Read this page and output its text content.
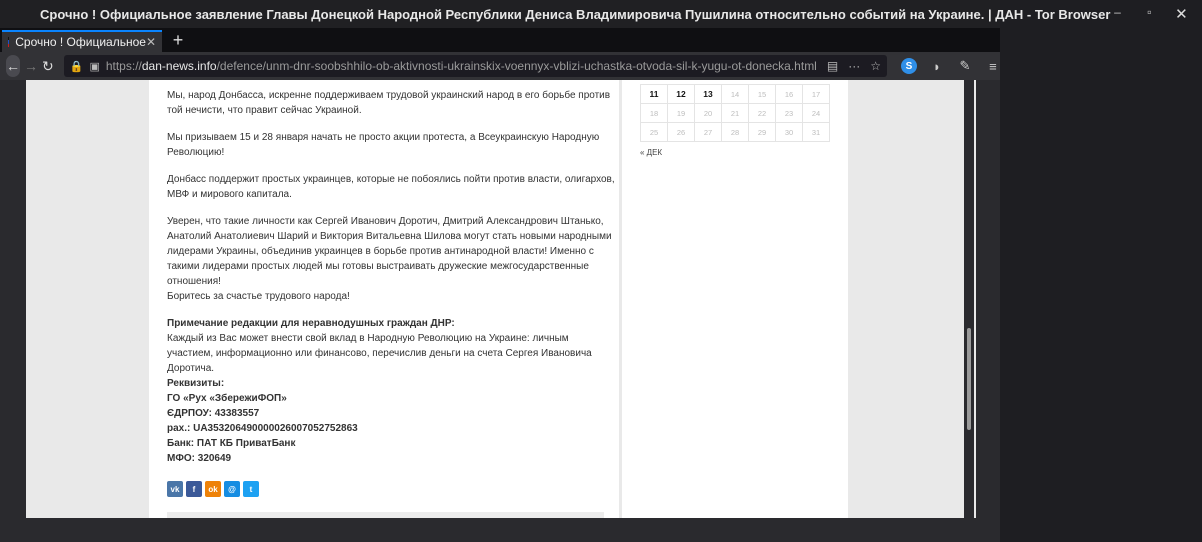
Срочно ! Официальное заявление Главы Донецкой Народной Республики Дениса Владимировича Пушилина относительно событий на Украине. | ДАН - Tor Browser –	▫	✕
Срочно ! Официальное ✕ +
← → ↻ 🔒 ▣ https://dan-news.info/defence/unm-dnr-soobshhilo-ob-aktivnosti-ukrainskix-voennyx-vblizi-uchastka-otvoda-sil-k-yugu-ot-donecka.html ▤ ··· ☆	S	◗	✎	≡

Мы, народ Донбасса, искренне поддерживаем трудовой украинский народ в его борьбе против той нечисти, что правит сейчас Украиной.

Мы призываем 15 и 28 января начать не просто акции протеста, а Всеукраинскую Народную Революцию!

Донбасс поддержит простых украинцев, которые не побоялись пойти против власти, олигархов, МВФ и мирового капитала.

Уверен, что такие личности как Сергей Иванович Доротич, Дмитрий Александрович Штанько, Анатолий Анатолиевич Шарий и Виктория Витальевна Шилова могут стать новыми народными лидерами Украины, объединив украинцев в борьбе против антинародной власти! Именно с такими лидерами простых людей мы готовы выстраивать дружеские межгосударственные отношения!

Боритесь за счастье трудового народа!

Примечание редакции для неравнодушных граждан ДНР:

Каждый из Вас может внести свой вклад в Народную Революцию на Украине: личным участием, информационно или финансово, перечислив деньги на счета Сергея Ивановича Доротича.

Реквизиты:

ГО «Рух «ЗбережиФОП»

ЄДРПОУ: 43383557

рах.: UA353206490000026007052752863

Банк: ПАТ КБ ПриватБанк

МФО: 320649

vk	f	ok	@	t
11	12	13	14	15	16	17
18	19	20	21	22	23	24
25	26	27	28	29	30	31
« ДЕК
